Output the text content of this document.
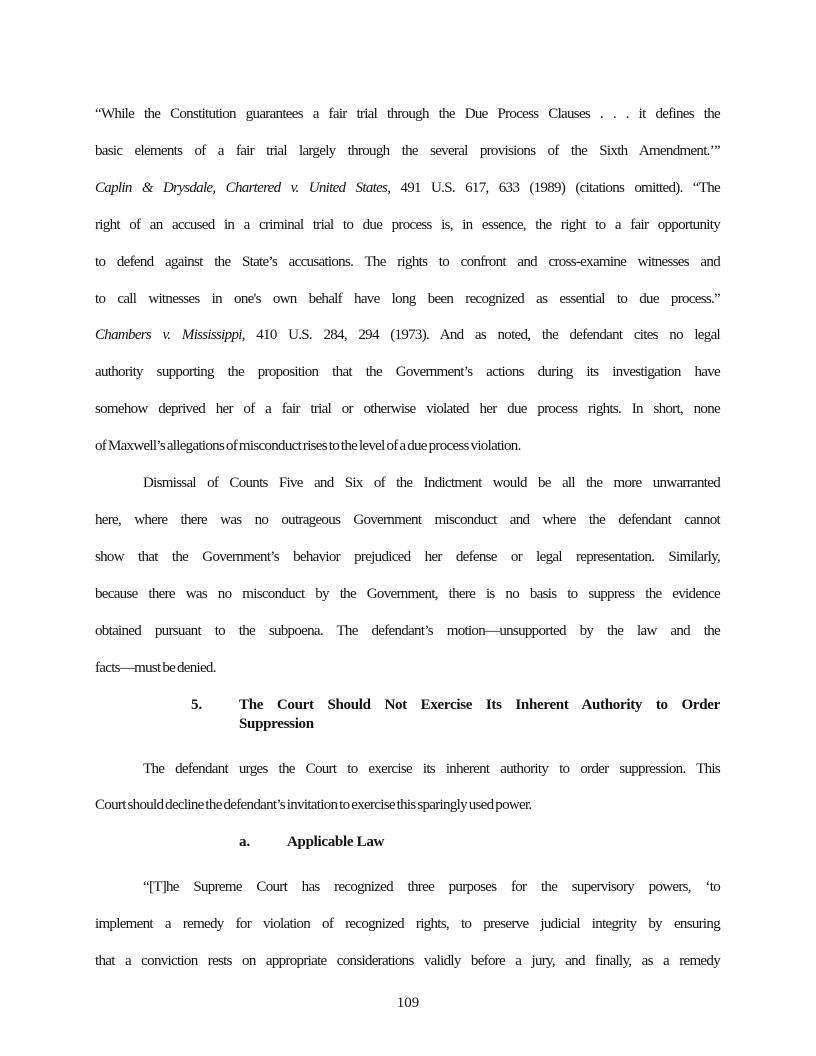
“While the Constitution guarantees a fair trial through the Due Process Clauses . . . it defines the
basic elements of a fair trial largely through the several provisions of the Sixth Amendment.’”
Caplin & Drysdale, Chartered v. United States, 491 U.S. 617, 633 (1989) (citations omitted). “The
right of an accused in a criminal trial to due process is, in essence, the right to a fair opportunity
to defend against the State’s accusations. The rights to confront and cross-examine witnesses and
to call witnesses in one's own behalf have long been recognized as essential to due process.”
Chambers v. Mississippi, 410 U.S. 284, 294 (1973). And as noted, the defendant cites no legal
authority supporting the proposition that the Government’s actions during its investigation have
somehow deprived her of a fair trial or otherwise violated her due process rights. In short, none
of Maxwell’s allegations of misconduct rises to the level of a due process violation.
Dismissal of Counts Five and Six of the Indictment would be all the more unwarranted
here, where there was no outrageous Government misconduct and where the defendant cannot
show that the Government’s behavior prejudiced her defense or legal representation. Similarly,
because there was no misconduct by the Government, there is no basis to suppress the evidence
obtained pursuant to the subpoena. The defendant’s motion—unsupported by the law and the
facts—must be denied.
5.	The Court Should Not Exercise Its Inherent Authority to Order
Suppression
The defendant urges the Court to exercise its inherent authority to order suppression. This
Court should decline the defendant’s invitation to exercise this sparingly used power.
a.	Applicable Law
“[T]he Supreme Court has recognized three purposes for the supervisory powers, ‘to
implement a remedy for violation of recognized rights, to preserve judicial integrity by ensuring
that a conviction rests on appropriate considerations validly before a jury, and finally, as a remedy
109
